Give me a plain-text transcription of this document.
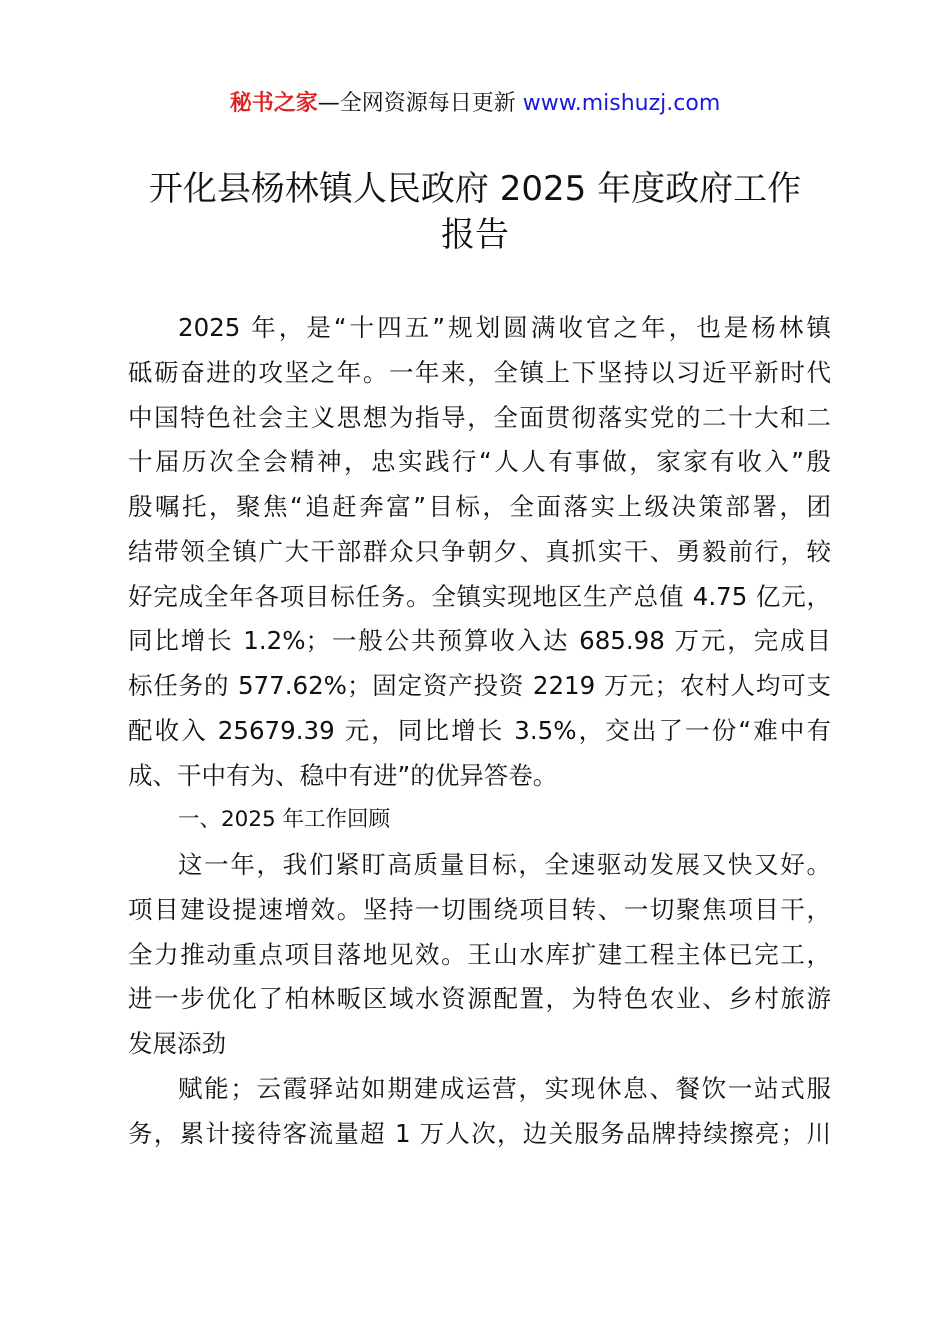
秘书之家—全网资源每日更新 www.mishuzj.com
开化县杨林镇人民政府 2025 年度政府工作
报告
2025 年，是“十四五”规划圆满收官之年，也是杨林镇
砥砺奋进的攻坚之年。一年来，全镇上下坚持以习近平新时代
中国特色社会主义思想为指导，全面贯彻落实党的二十大和二
十届历次全会精神，忠实践行“人人有事做，家家有收入”殷
殷嘱托，聚焦“追赶奔富”目标，全面落实上级决策部署，团
结带领全镇广大干部群众只争朝夕、真抓实干、勇毅前行，较
好完成全年各项目标任务。全镇实现地区生产总值 4.75 亿元，
同比增长 1.2%；一般公共预算收入达 685.98 万元，完成目
标任务的 577.62%；固定资产投资 2219 万元；农村人均可支
配收入 25679.39 元，同比增长 3.5%，交出了一份“难中有
成、干中有为、稳中有进”的优异答卷。
一、2025 年工作回顾
这一年，我们紧盯高质量目标，全速驱动发展又快又好。
项目建设提速增效。坚持一切围绕项目转、一切聚焦项目干，
全力推动重点项目落地见效。王山水库扩建工程主体已完工，
进一步优化了柏林畈区域水资源配置，为特色农业、乡村旅游
发展添劲
赋能；云霞驿站如期建成运营，实现休息、餐饮一站式服
务，累计接待客流量超 1 万人次，边关服务品牌持续擦亮；川
